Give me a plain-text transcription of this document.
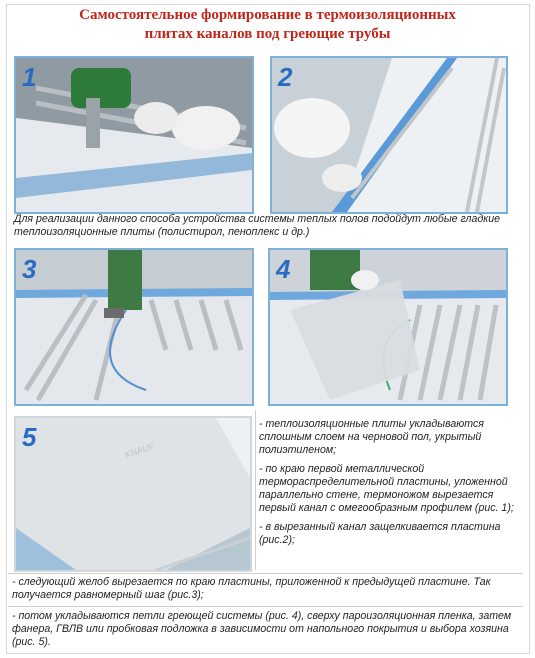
Самостоятельное формирование в термоизоляционных
плитах каналов под греющие трубы
1	2
Для реализации данного способа устройства системы теплых полов подойдут любые гладкие теплоизоляционные плиты (полистирол, пеноплекс и др.)
3	4
KNAUF
5	- теплоизоляционные плиты укладываются сплошным слоем на черновой пол, укрытый полиэтиленом;

- по краю первой металлической термораспределительной пластины, уложенной параллельно стене, термоножом вырезается первый канал с омегообразным профилем (рис. 1);

- в вырезанный канал защелкивается пластина (рис.2);

- следующий желоб вырезается по краю пластины, приложенной к предыдущей пластине. Так получается равномерный шаг (рис.3);
- потом укладываются петли греющей системы (рис. 4), сверху пароизоляционная пленка, затем фанера, ГВЛВ или пробковая подложка в зависимости от напольного покрытия и выбора хозяина (рис. 5).
